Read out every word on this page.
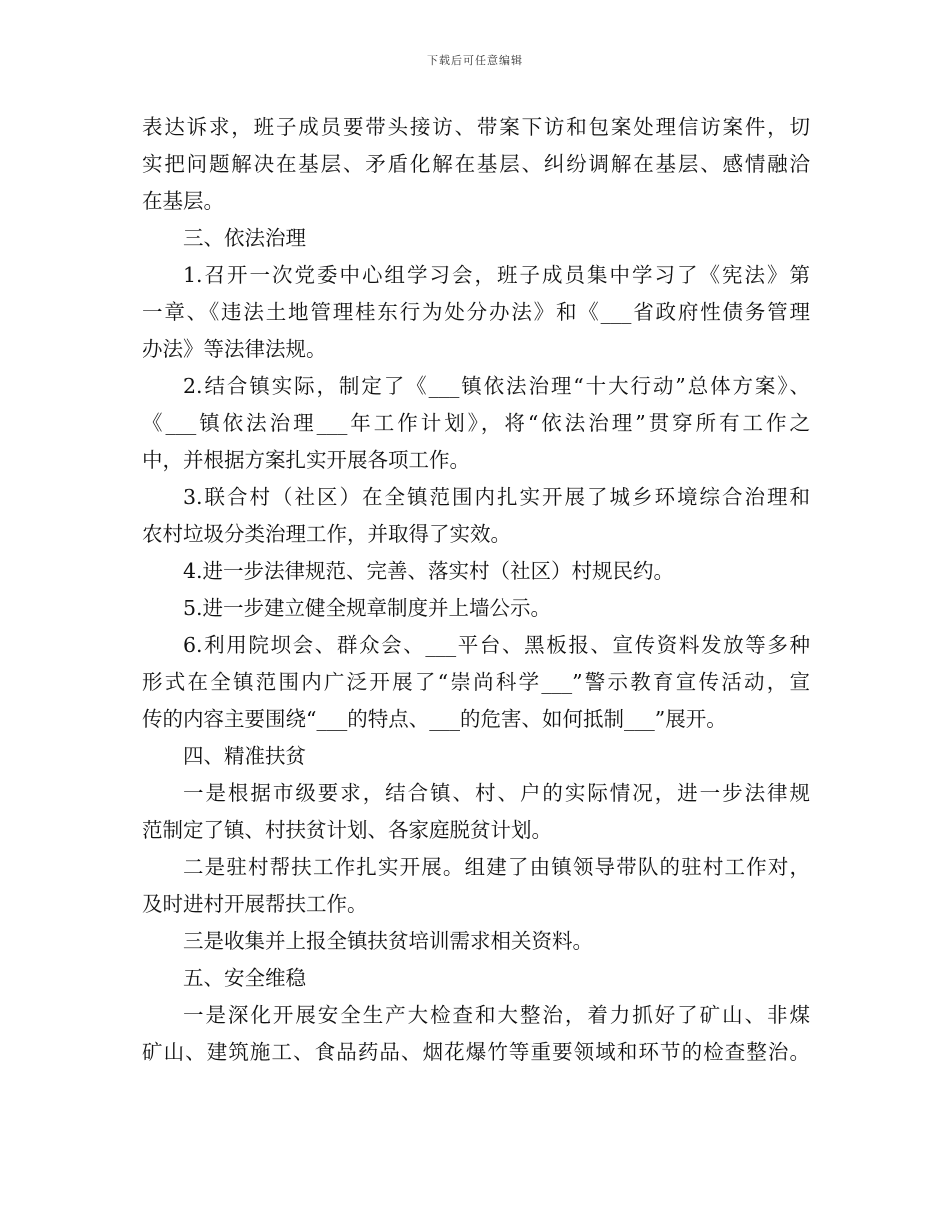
下载后可任意编辑
表达诉求，班子成员要带头接访、带案下访和包案处理信访案件，切
实把问题解决在基层、矛盾化解在基层、纠纷调解在基层、感情融洽
在基层。
三、依法治理
1.召开一次党委中心组学习会，班子成员集中学习了《宪法》第
一章、《违法土地管理桂东行为处分办法》和《___省政府性债务管理
办法》等法律法规。
2.结合镇实际，制定了《___镇依法治理“十大行动”总体方案》、
《___镇依法治理___年工作计划》，将“依法治理”贯穿所有工作之
中，并根据方案扎实开展各项工作。
3.联合村（社区）在全镇范围内扎实开展了城乡环境综合治理和
农村垃圾分类治理工作，并取得了实效。
4.进一步法律规范、完善、落实村（社区）村规民约。
5.进一步建立健全规章制度并上墙公示。
6.利用院坝会、群众会、___平台、黑板报、宣传资料发放等多种
形式在全镇范围内广泛开展了“崇尚科学___”警示教育宣传活动，宣
传的内容主要围绕“___的特点、___的危害、如何抵制___”展开。
四、精准扶贫
一是根据市级要求，结合镇、村、户的实际情况，进一步法律规
范制定了镇、村扶贫计划、各家庭脱贫计划。
二是驻村帮扶工作扎实开展。组建了由镇领导带队的驻村工作对，
及时进村开展帮扶工作。
三是收集并上报全镇扶贫培训需求相关资料。
五、安全维稳
一是深化开展安全生产大检查和大整治，着力抓好了矿山、非煤
矿山、建筑施工、食品药品、烟花爆竹等重要领域和环节的检查整治。
